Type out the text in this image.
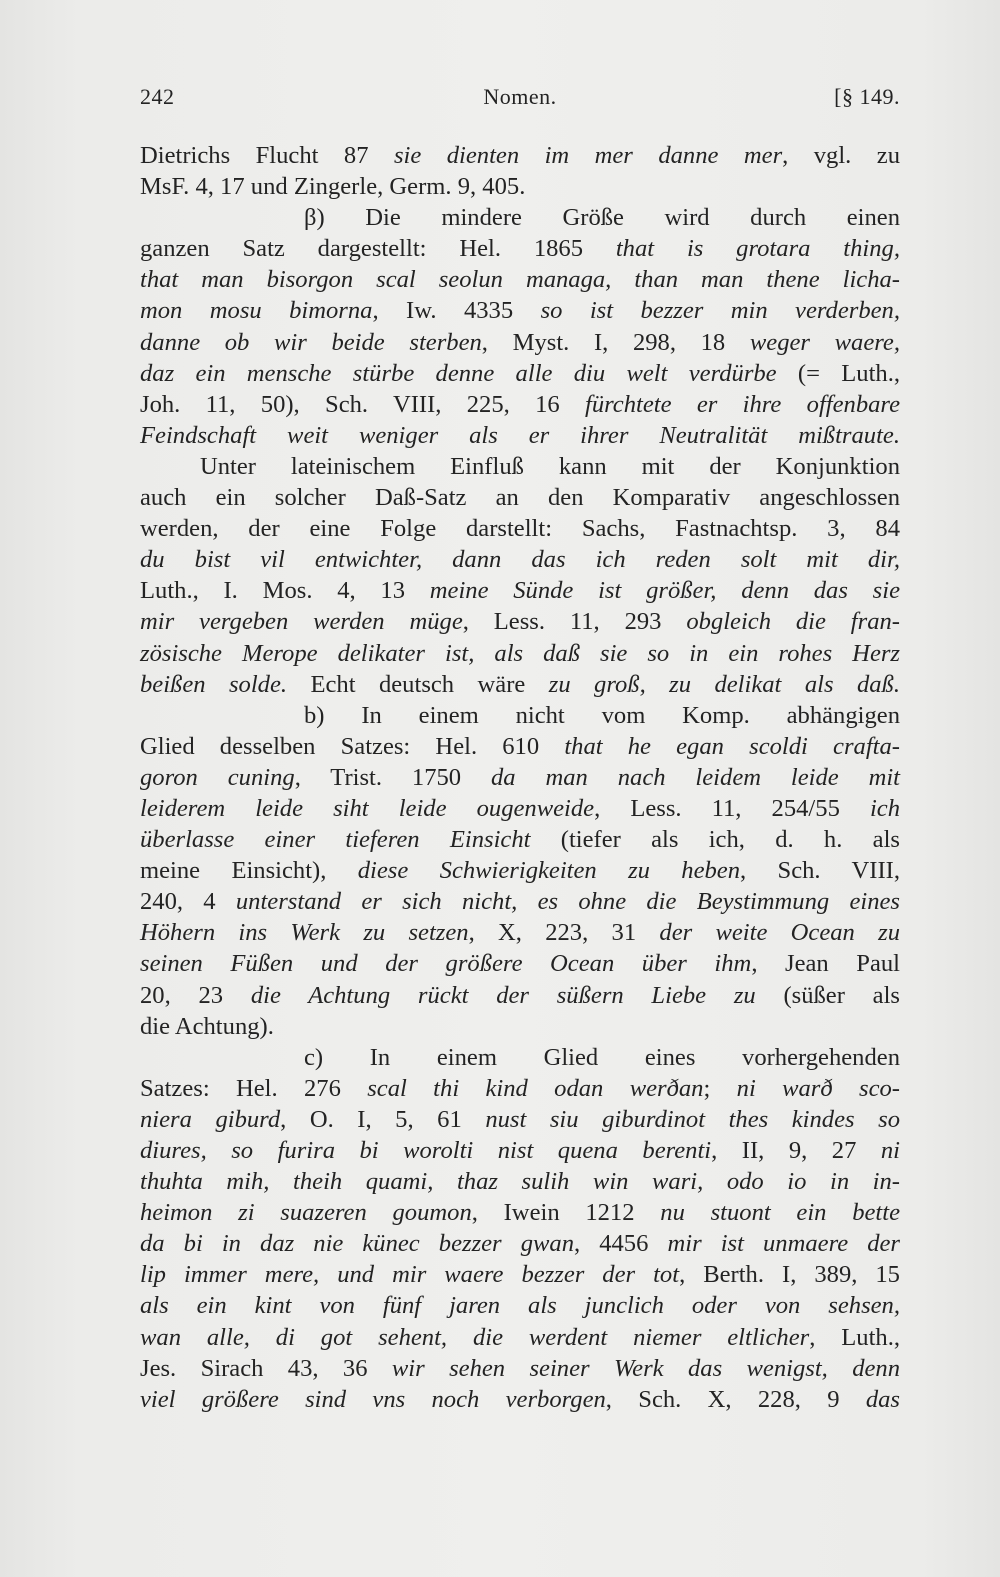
242	Nomen.	[§ 149.
Dietrichs Flucht 87 sie dienten im mer danne mer, vgl. zu
MsF. 4, 17 und Zingerle, Germ. 9, 405.
β) Die mindere Größe wird durch einen
ganzen Satz dargestellt: Hel. 1865 that is grotara thing,
that man bisorgon scal seolun managa, than man thene licha-
mon mosu bimorna, Iw. 4335 so ist bezzer min verderben,
danne ob wir beide sterben, Myst. I, 298, 18 weger waere,
daz ein mensche stürbe denne alle diu welt verdürbe (= Luth.,
Joh. 11, 50), Sch. VIII, 225, 16 fürchtete er ihre offenbare
Feindschaft weit weniger als er ihrer Neutralität mißtraute.
Unter lateinischem Einfluß kann mit der Konjunktion
auch ein solcher Daß-Satz an den Komparativ angeschlossen
werden, der eine Folge darstellt: Sachs, Fastnachtsp. 3, 84
du bist vil entwichter, dann das ich reden solt mit dir,
Luth., I. Mos. 4, 13 meine Sünde ist größer, denn das sie
mir vergeben werden müge, Less. 11, 293 obgleich die fran-
zösische Merope delikater ist, als daß sie so in ein rohes Herz
beißen solde. Echt deutsch wäre zu groß, zu delikat als daß.
b) In einem nicht vom Komp. abhängigen
Glied desselben Satzes: Hel. 610 that he egan scoldi crafta-
goron cuning, Trist. 1750 da man nach leidem leide mit
leiderem leide siht leide ougenweide, Less. 11, 254/55 ich
überlasse einer tieferen Einsicht (tiefer als ich, d. h. als
meine Einsicht), diese Schwierigkeiten zu heben, Sch. VIII,
240, 4 unterstand er sich nicht, es ohne die Beystimmung eines
Höhern ins Werk zu setzen, X, 223, 31 der weite Ocean zu
seinen Füßen und der größere Ocean über ihm, Jean Paul
20, 23 die Achtung rückt der süßern Liebe zu (süßer als
die Achtung).
c) In einem Glied eines vorhergehenden
Satzes: Hel. 276 scal thi kind odan werðan; ni warð sco-
niera giburd, O. I, 5, 61 nust siu giburdinot thes kindes so
diures, so furira bi worolti nist quena berenti, II, 9, 27 ni
thuhta mih, theih quami, thaz sulih win wari, odo io in in-
heimon zi suazeren goumon, Iwein 1212 nu stuont ein bette
da bi in daz nie künec bezzer gwan, 4456 mir ist unmaere der
lip immer mere, und mir waere bezzer der tot, Berth. I, 389, 15
als ein kint von fünf jaren als junclich oder von sehsen,
wan alle, di got sehent, die werdent niemer eltlicher, Luth.,
Jes. Sirach 43, 36 wir sehen seiner Werk das wenigst, denn
viel größere sind vns noch verborgen, Sch. X, 228, 9 das
